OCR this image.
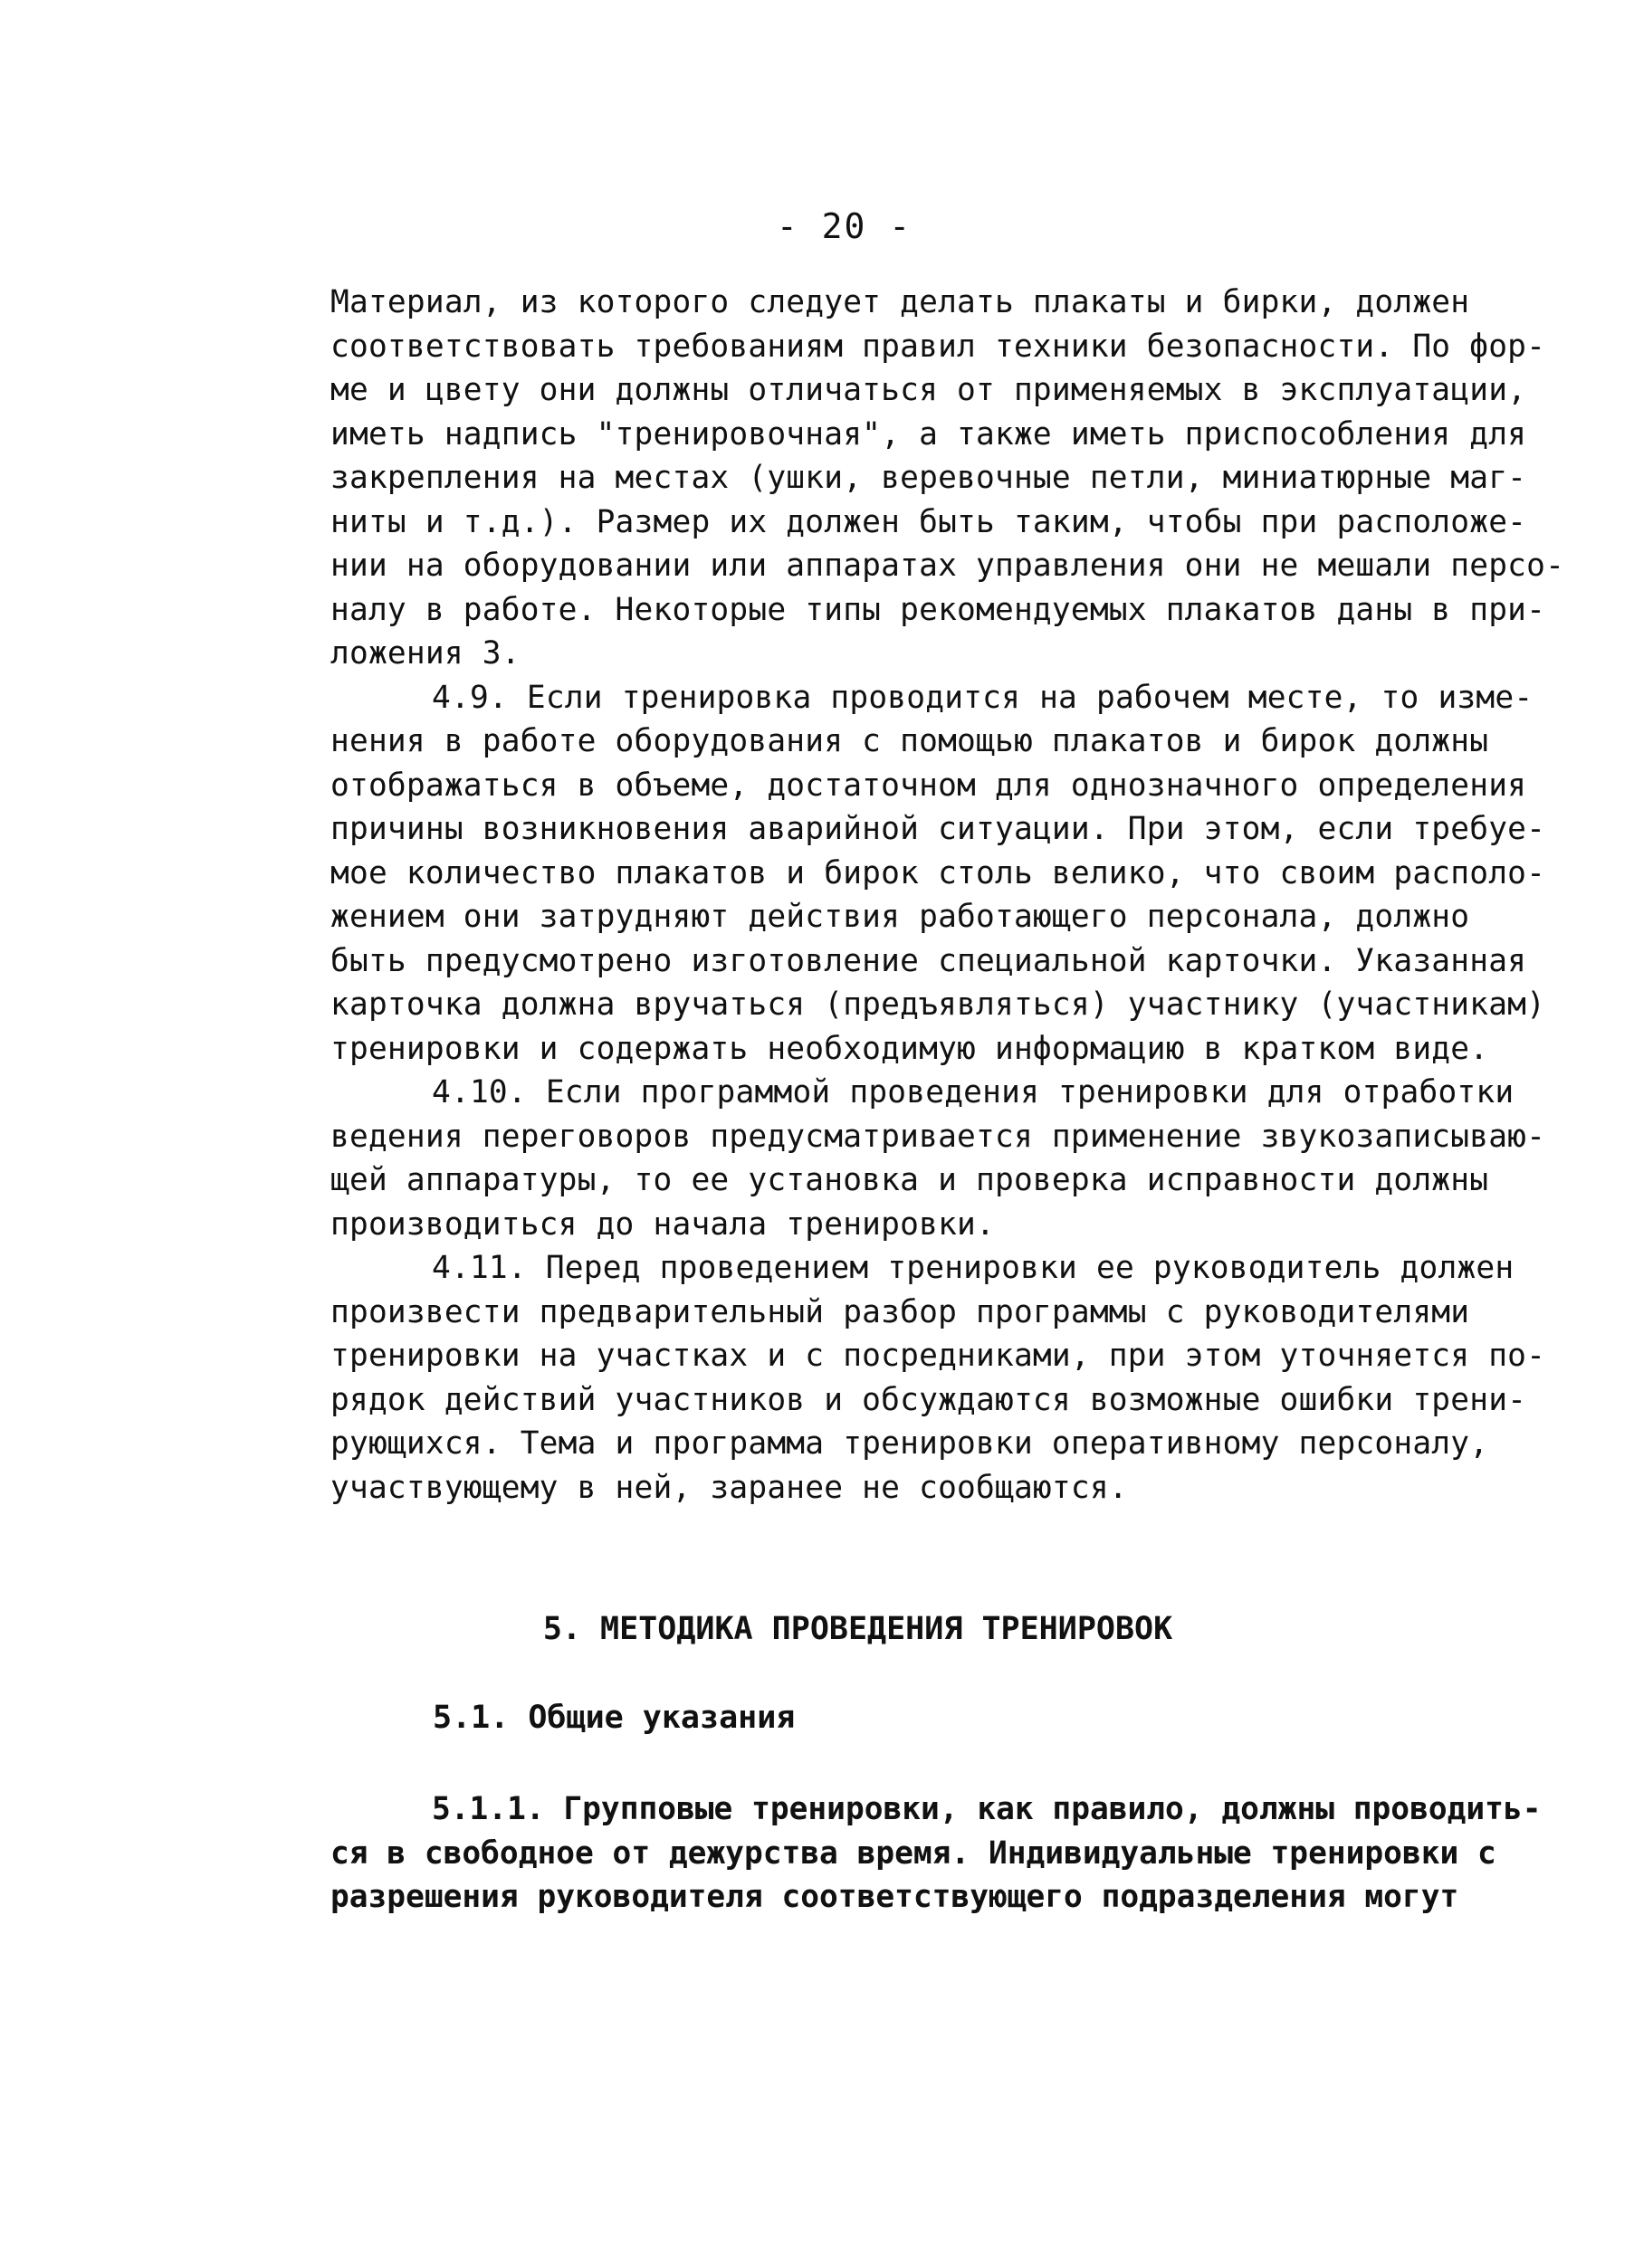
- 20 -
Материал, из которого следует делать плакаты и бирки, должен
соответствовать требованиям правил техники безопасности. По фор-
ме и цвету они должны отличаться от применяемых в эксплуатации,
иметь надпись "тренировочная", а также иметь приспособления для
закрепления на местах (ушки, веревочные петли, миниатюрные маг-
ниты и т.д.). Размер их должен быть таким, чтобы при расположе-
нии на оборудовании или аппаратах управления они не мешали персо-
налу в работе. Некоторые типы рекомендуемых плакатов даны в при-
ложения 3.
4.9. Если тренировка проводится на рабочем месте, то изме-
нения в работе оборудования с помощью плакатов и бирок должны
отображаться в объеме, достаточном для однозначного определения
причины возникновения аварийной ситуации. При этом, если требуе-
мое количество плакатов и бирок столь велико, что своим располо-
жением они затрудняют действия работающего персонала, должно
быть предусмотрено изготовление специальной карточки. Указанная
карточка должна вручаться (предъявляться) участнику (участникам)
тренировки и содержать необходимую информацию в кратком виде.
4.10. Если программой проведения тренировки для отработки
ведения переговоров предусматривается применение звукозаписываю-
щей аппаратуры, то ее установка и проверка исправности должны
производиться до начала тренировки.
4.11. Перед проведением тренировки ее руководитель должен
произвести предварительный разбор программы с руководителями
тренировки на участках и с посредниками, при этом уточняется по-
рядок действий участников и обсуждаются возможные ошибки трени-
рующихся. Тема и программа тренировки оперативному персоналу,
участвующему в ней, заранее не сообщаются.
5. МЕТОДИКА ПРОВЕДЕНИЯ ТРЕНИРОВОК
5.1. Общие указания
5.1.1. Групповые тренировки, как правило, должны проводить-
ся в свободное от дежурства время. Индивидуальные тренировки с
разрешения руководителя соответствующего подразделения могут
